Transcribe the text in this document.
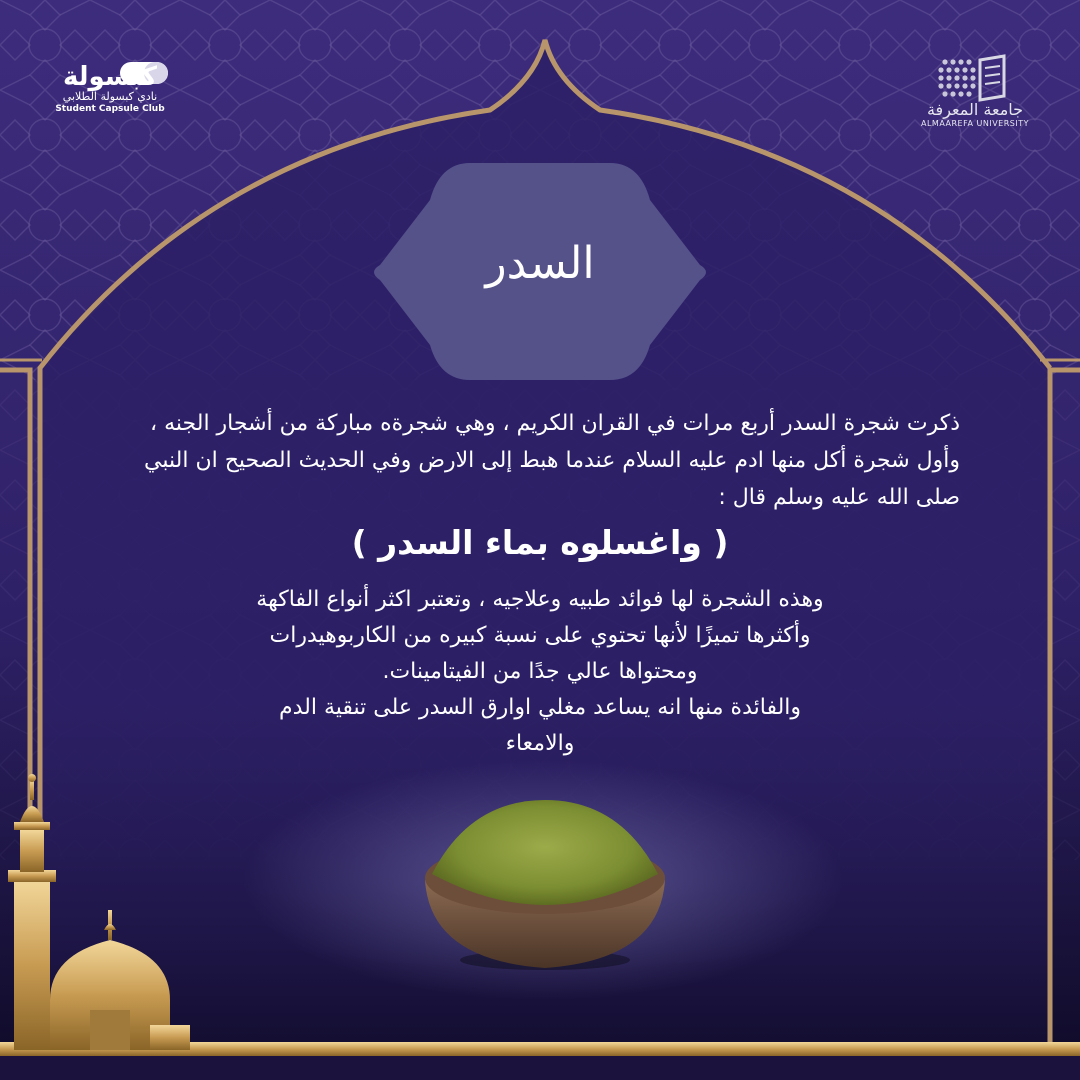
كبسولة
نادي كبسولة الطلابي
Student Capsule Club	جامعة المعرفة
ALMAAREFA UNIVERSITY
السدر
ذكرت شجرة السدر أربع مرات في القران الكريم ، وهي شجرةه مباركة من أشجار الجنه ، وأول شجرة أكل منها ادم عليه السلام عندما هبط إلى الارض وفي الحديث الصحيح ان النبي صلى الله عليه وسلم قال :
( واغسلوه بماء السدر )
وهذه الشجرة لها فوائد طبيه وعلاجيه ، وتعتبر اكثر أنواع الفاكهة
وأكثرها تميزًا لأنها تحتوي على نسبة كبيره من الكاربوهيدرات
ومحتواها عالي جدًا من الفيتامينات.
والفائدة منها انه يساعد مغلي اوارق السدر على تنقية الدم
والامعاء
